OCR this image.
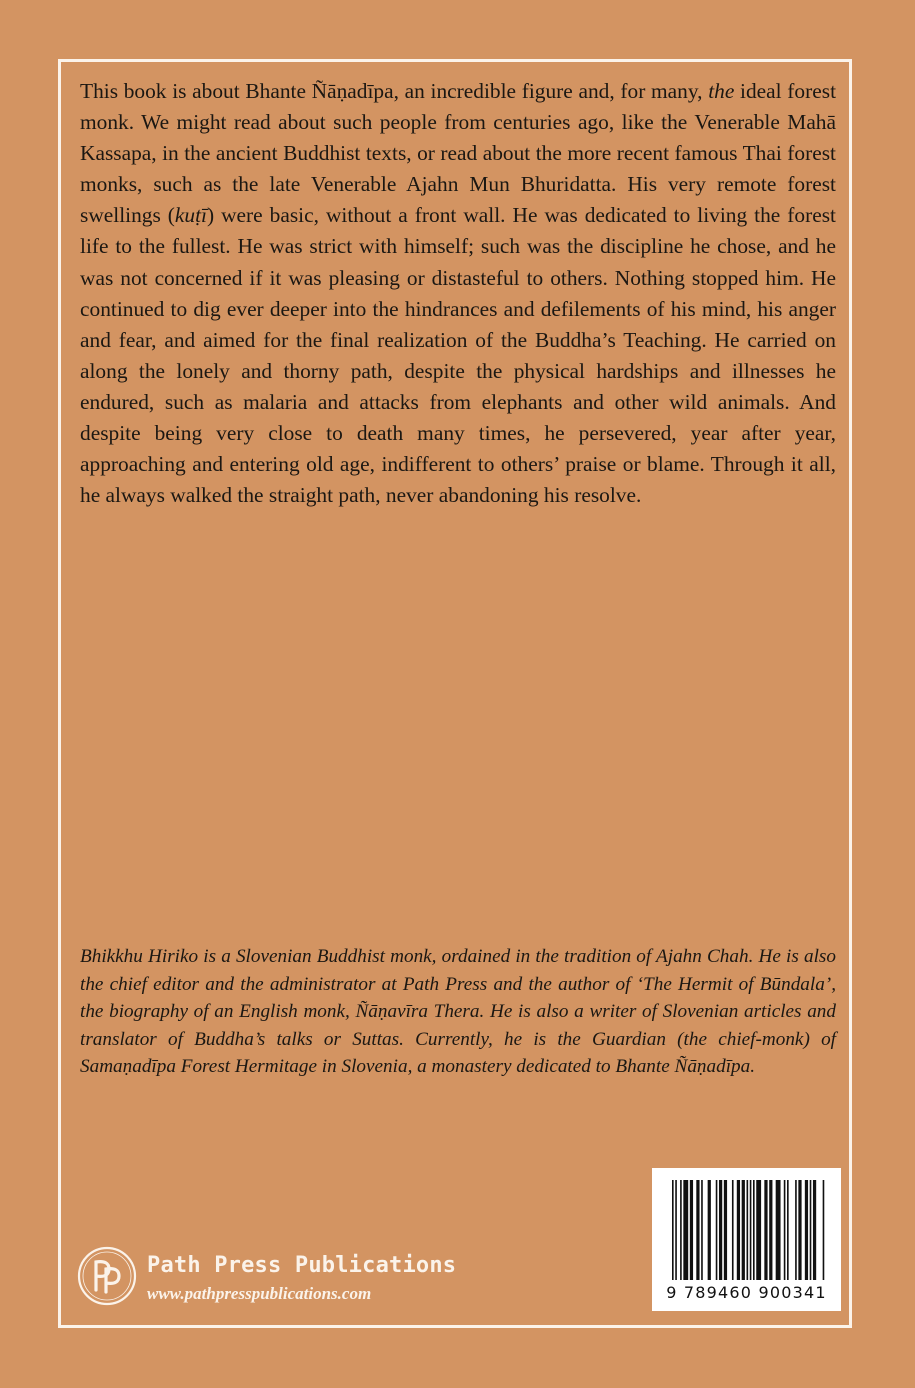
This book is about Bhante Ñāṇadīpa, an incredible figure and, for many, the ideal forest monk. We might read about such people from centuries ago, like the Venerable Mahā Kassapa, in the ancient Buddhist texts, or read about the more recent famous Thai forest monks, such as the late Venerable Ajahn Mun Bhuridatta. His very remote forest swellings (kuṭī) were basic, without a front wall. He was dedicated to living the forest life to the fullest. He was strict with himself; such was the discipline he chose, and he was not concerned if it was pleasing or distasteful to others. Nothing stopped him. He continued to dig ever deeper into the hindrances and defilements of his mind, his anger and fear, and aimed for the final realization of the Buddha’s Teaching. He carried on along the lonely and thorny path, despite the physical hardships and illnesses he endured, such as malaria and attacks from elephants and other wild animals. And despite being very close to death many times, he persevered, year after year, approaching and entering old age, indifferent to others’ praise or blame. Through it all, he always walked the straight path, never abandoning his resolve.

Bhikkhu Hiriko is a Slovenian Buddhist monk, ordained in the tradition of Ajahn Chah. He is also the chief editor and the administrator at Path Press and the author of ‘The Hermit of Būndala’, the biography of an English monk, Ñāṇavīra Thera. He is also a writer of Slovenian articles and translator of Buddha’s talks or Suttas. Currently, he is the Guardian (the chief-monk) of Samaṇadīpa Forest Hermitage in Slovenia, a monastery dedicated to Bhante Ñāṇadīpa.

Path Press Publications
www.pathpresspublications.com	9 789460 900341
